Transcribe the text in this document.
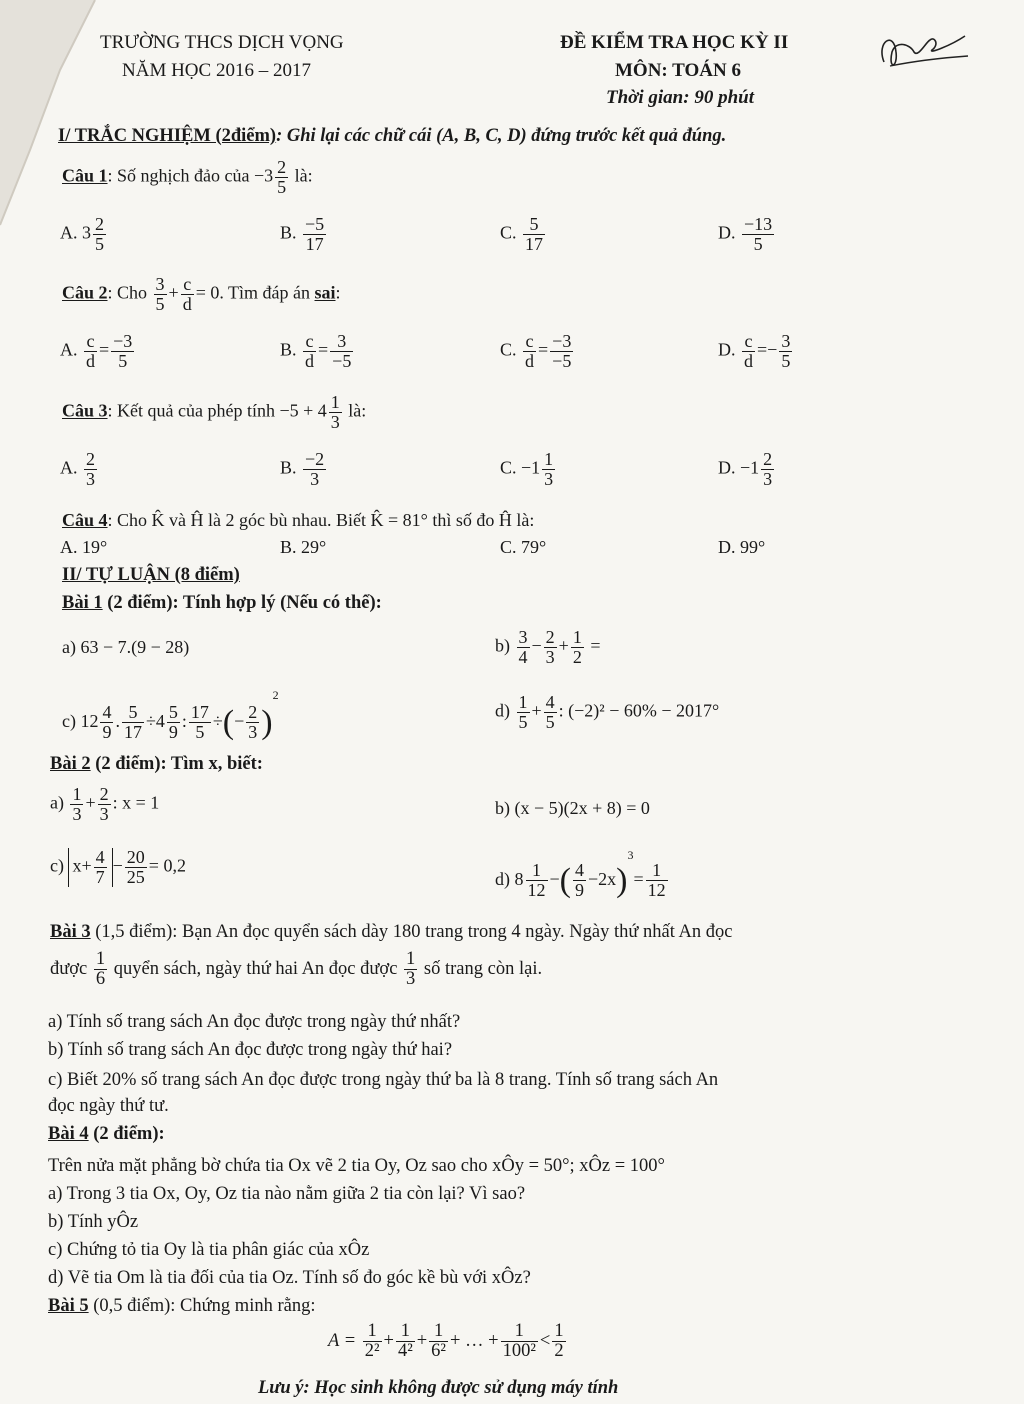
TRƯỜNG THCS DỊCH VỌNG
NĂM HỌC 2016 – 2017
ĐỀ KIỂM TRA HỌC KỲ II
MÔN: TOÁN 6
Thời gian: 90 phút
I/ TRẮC NGHIỆM (2điểm): Ghi lại các chữ cái (A, B, C, D) đứng trước kết quả đúng.
Câu 1: Số nghịch đảo của $-3 \frac{2}{5}$ là:
A. $3 \frac{2}{5}$	B. $\frac{-5}{17}$	C. $\frac{5}{17}$	D. $\frac{-13}{5}$
Câu 2: Cho $\frac{3}{5} + \frac{c}{d} = 0$. Tìm đáp án sai:
A. $\frac{c}{d} = \frac{-3}{5}$	B. $\frac{c}{d} = \frac{3}{-5}$	C. $\frac{c}{d} = \frac{-3}{-5}$	D. $\frac{c}{d} =- \frac{3}{5}$
Câu 3: Kết quả của phép tính $-5 + 4 \frac{1}{3}$ là:
A. $\frac{2}{3}$	B. $\frac{-2}{3}$	C. $-1 \frac{1}{3}$	D. $-1 \frac{2}{3}$
Câu 4: Cho K̂ và Ĥ là 2 góc bù nhau. Biết K̂ = 81° thì số đo Ĥ là:
A. 19°	B. 29°	C. 79°	D. 99°
II/ TỰ LUẬN (8 điểm)
Bài 1 (2 điểm): Tính hợp lý (Nếu có thể):
a) 63 − 7.(9 − 28)	$b) \frac{3}{4} - \frac{2}{3} + \frac{1}{2}$ =
c) $12 \frac{4}{9}$ . $\frac{5}{17} \div 4 \frac{5}{9}$ : $\frac{17}{5}$ ÷(− $\frac{2}{3} )^2$
$d) \frac{1}{5} + \frac{4}{5}$ : (−2)² − 60% − 2017°
Bài 2 (2 điểm): Tìm x, biết:
$a) \frac{1}{3} + \frac{2}{3}$ : x = 1	b) (x − 5)(2x + 8) = 0
c) $x+ \frac{4}{7} - \frac{20}{25} = 0,2$
d) $8 \frac{1}{12}$ −( $\frac{4}{9} -2x)^3= \frac{1}{12}$
Bài 3 (1,5 điểm): Bạn An đọc quyển sách dày 180 trang trong 4 ngày. Ngày thứ nhất An đọc
được $\frac{1}{6}$ quyển sách, ngày thứ hai An đọc được $\frac{1}{3}$ số trang còn lại.
a) Tính số trang sách An đọc được trong ngày thứ nhất?
b) Tính số trang sách An đọc được trong ngày thứ hai?
c) Biết 20% số trang sách An đọc được trong ngày thứ ba là 8 trang. Tính số trang sách An
đọc ngày thứ tư.
Bài 4 (2 điểm):
Trên nửa mặt phẳng bờ chứa tia Ox vẽ 2 tia Oy, Oz sao cho xÔy = 50°; xÔz = 100°
a) Trong 3 tia Ox, Oy, Oz tia nào nằm giữa 2 tia còn lại? Vì sao?
b) Tính yÔz
c) Chứng tỏ tia Oy là tia phân giác của xÔz
d) Vẽ tia Om là tia đối của tia Oz. Tính số đo góc kề bù với xÔz?
Bài 5 (0,5 điểm): Chứng minh rằng:
$A = \frac{1}{\text{2²}} + \frac{1}{\text{4²}} + \frac{1}{\text{6²}}$ + … + $\frac{1}{\text{100²}} < \frac{1}{2}$
Lưu ý: Học sinh không được sử dụng máy tính
